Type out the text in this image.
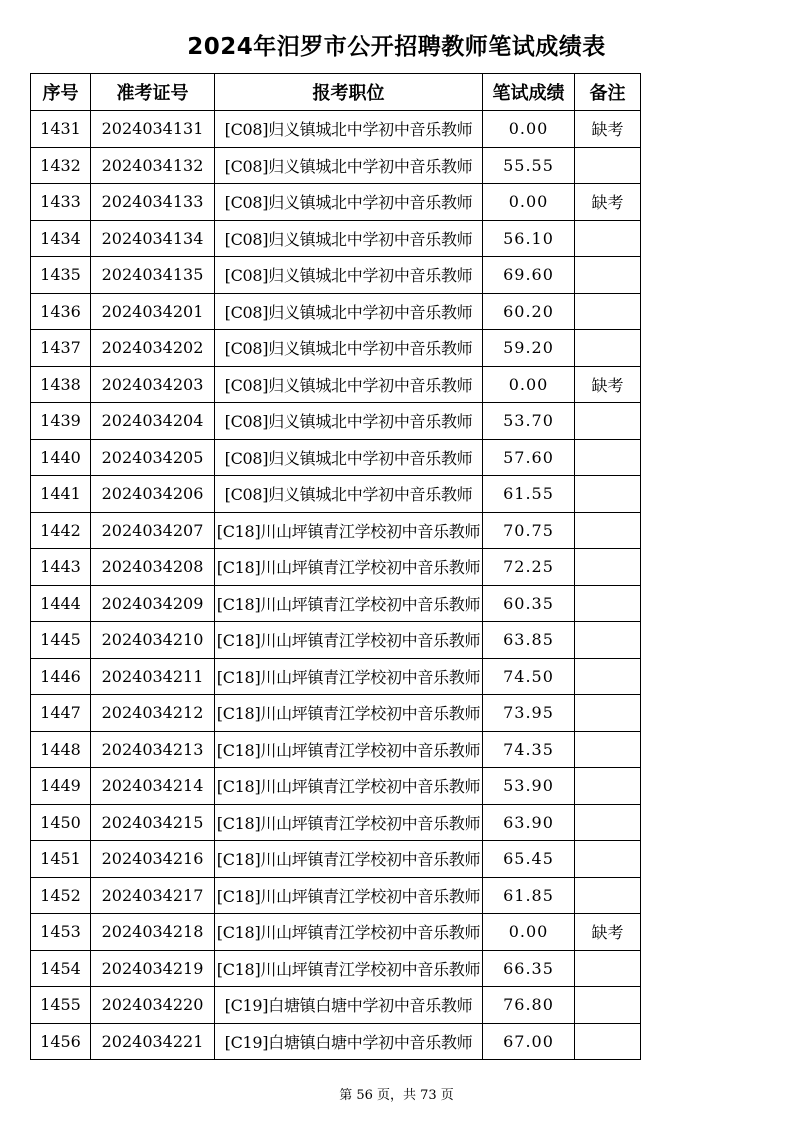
2024年汨罗市公开招聘教师笔试成绩表
序号	准考证号	报考职位	笔试成绩	备注
1431	2024034131	[C08]归义镇城北中学初中音乐教师	0.00	缺考
1432	2024034132	[C08]归义镇城北中学初中音乐教师	55.55	
1433	2024034133	[C08]归义镇城北中学初中音乐教师	0.00	缺考
1434	2024034134	[C08]归义镇城北中学初中音乐教师	56.10	
1435	2024034135	[C08]归义镇城北中学初中音乐教师	69.60	
1436	2024034201	[C08]归义镇城北中学初中音乐教师	60.20	
1437	2024034202	[C08]归义镇城北中学初中音乐教师	59.20	
1438	2024034203	[C08]归义镇城北中学初中音乐教师	0.00	缺考
1439	2024034204	[C08]归义镇城北中学初中音乐教师	53.70	
1440	2024034205	[C08]归义镇城北中学初中音乐教师	57.60	
1441	2024034206	[C08]归义镇城北中学初中音乐教师	61.55	
1442	2024034207	[C18]川山坪镇青江学校初中音乐教师	70.75	
1443	2024034208	[C18]川山坪镇青江学校初中音乐教师	72.25	
1444	2024034209	[C18]川山坪镇青江学校初中音乐教师	60.35	
1445	2024034210	[C18]川山坪镇青江学校初中音乐教师	63.85	
1446	2024034211	[C18]川山坪镇青江学校初中音乐教师	74.50	
1447	2024034212	[C18]川山坪镇青江学校初中音乐教师	73.95	
1448	2024034213	[C18]川山坪镇青江学校初中音乐教师	74.35	
1449	2024034214	[C18]川山坪镇青江学校初中音乐教师	53.90	
1450	2024034215	[C18]川山坪镇青江学校初中音乐教师	63.90	
1451	2024034216	[C18]川山坪镇青江学校初中音乐教师	65.45	
1452	2024034217	[C18]川山坪镇青江学校初中音乐教师	61.85	
1453	2024034218	[C18]川山坪镇青江学校初中音乐教师	0.00	缺考
1454	2024034219	[C18]川山坪镇青江学校初中音乐教师	66.35	
1455	2024034220	[C19]白塘镇白塘中学初中音乐教师	76.80	
1456	2024034221	[C19]白塘镇白塘中学初中音乐教师	67.00	
第 56 页，共 73 页
